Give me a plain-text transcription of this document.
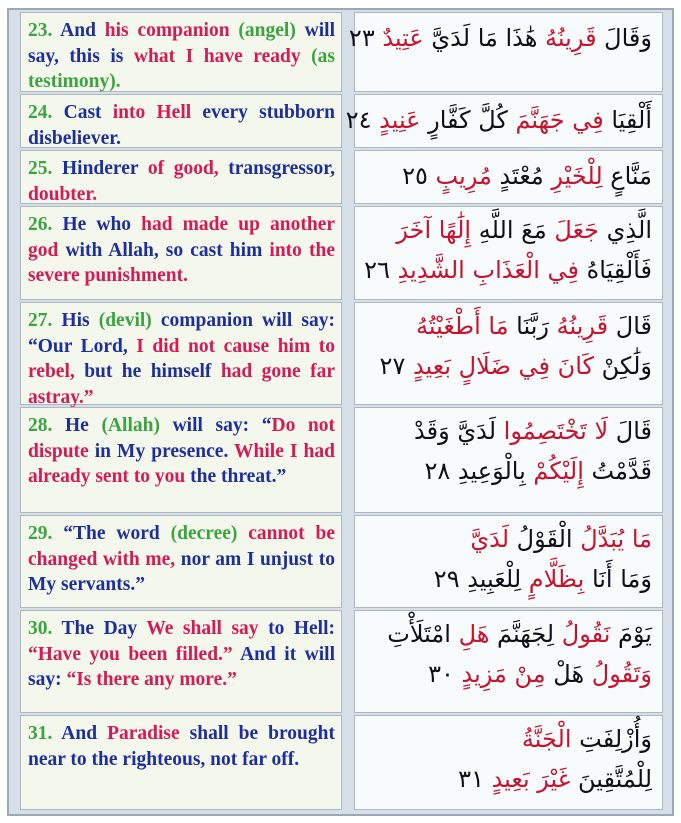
23. And his companion (angel) will say, this is what I have ready (as testimony).
وَقَالَ قَرِينُهُ هَٰذَا مَا لَدَيَّ عَتِيدٌ ٢٣
24. Cast into Hell every stubborn disbeliever.
أَلْقِيَا فِي جَهَنَّمَ كُلَّ كَفَّارٍ عَنِيدٍ ٢٤
25. Hinderer of good, transgressor, doubter.
مَنَّاعٍ لِلْخَيْرِ مُعْتَدٍ مُرِيبٍ ٢٥
26. He who had made up another god with Allah, so cast him into the severe punishment.
الَّذِي جَعَلَ مَعَ اللَّهِ إِلَٰهًا آخَرَ
فَأَلْقِيَاهُ فِي الْعَذَابِ الشَّدِيدِ ٢٦
27. His (devil) companion will say: “Our Lord, I did not cause him to rebel, but he himself had gone far astray.”
قَالَ قَرِينُهُ رَبَّنَا مَا أَطْغَيْتُهُ
وَلَٰكِنْ كَانَ فِي ضَلَالٍ بَعِيدٍ ٢٧
28. He (Allah) will say: “Do not dispute in My presence. While I had already sent to you the threat.”
قَالَ لَا تَخْتَصِمُوا لَدَيَّ وَقَدْ
قَدَّمْتُ إِلَيْكُمْ بِالْوَعِيدِ ٢٨
29. “The word (decree) cannot be changed with me, nor am I unjust to My servants.”
مَا يُبَدَّلُ الْقَوْلُ لَدَيَّ
وَمَا أَنَا بِظَلَّامٍ لِلْعَبِيدِ ٢٩
30. The Day We shall say to Hell: “Have you been filled.” And it will say: “Is there any more.”
يَوْمَ نَقُولُ لِجَهَنَّمَ هَلِ امْتَلَأْتِ
وَتَقُولُ هَلْ مِنْ مَزِيدٍ ٣٠
31. And Paradise shall be brought near to the righteous, not far off.
وَأُزْلِفَتِ الْجَنَّةُ
لِلْمُتَّقِينَ غَيْرَ بَعِيدٍ ٣١
